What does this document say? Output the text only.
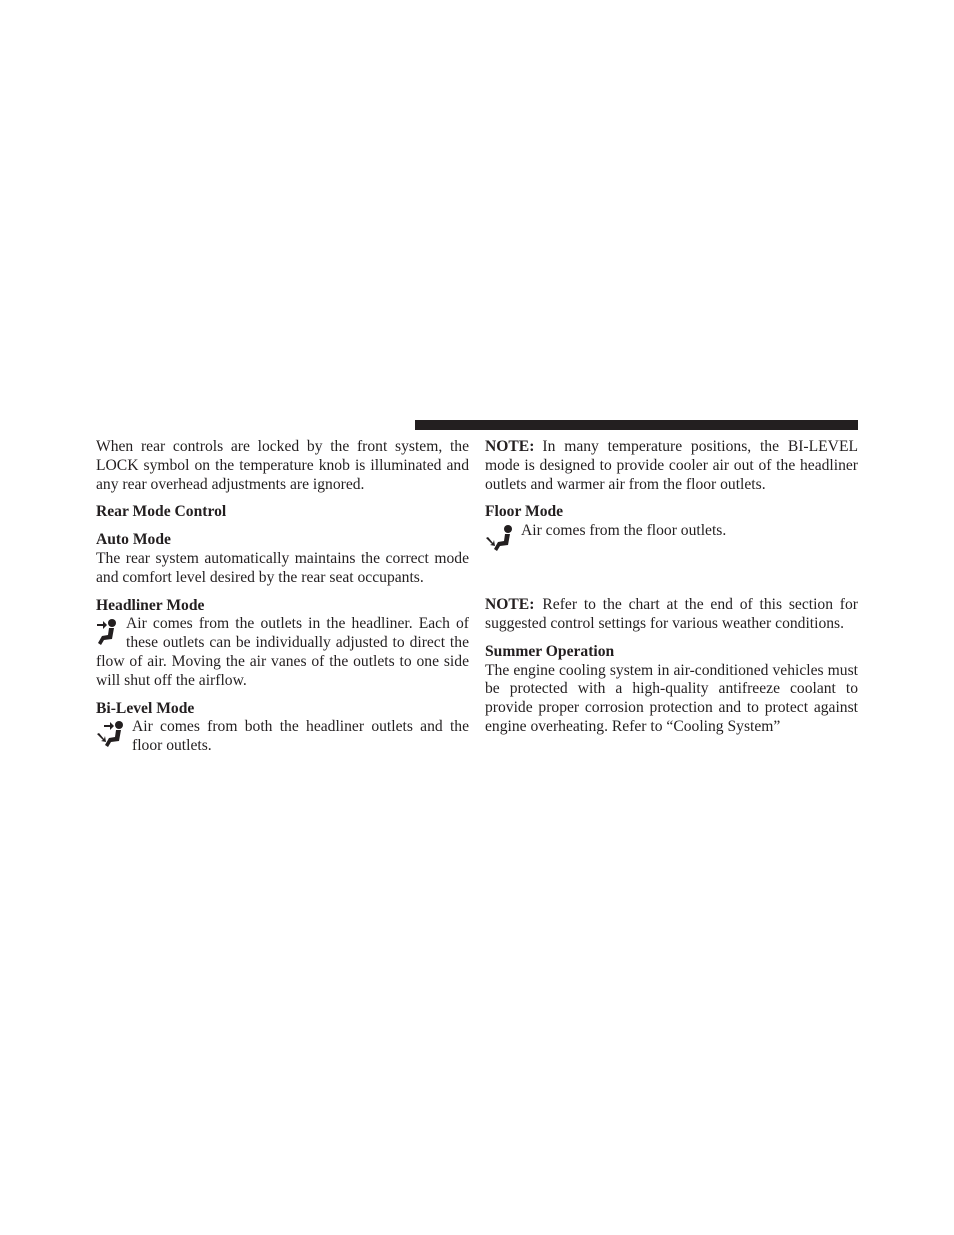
When rear controls are locked by the front system, the LOCK symbol on the temperature knob is illuminated and any rear overhead adjustments are ignored.

Rear Mode Control
Auto Mode

The rear system automatically maintains the correct mode and comfort level desired by the rear seat occupants.

Headliner Mode

Air comes from the outlets in the headliner. Each of these outlets can be individually adjusted to direct the flow of air. Moving the air vanes of the outlets to one side will shut off the airflow.

Bi-Level Mode

Air comes from both the headliner outlets and the floor outlets.

NOTE: In many temperature positions, the BI-LEVEL mode is designed to provide cooler air out of the headliner outlets and warmer air from the floor outlets.

Floor Mode

Air comes from the floor outlets.

NOTE: Refer to the chart at the end of this section for suggested control settings for various weather conditions.

Summer Operation

The engine cooling system in air-conditioned vehicles must be protected with a high-quality antifreeze coolant to provide proper corrosion protection and to protect against engine overheating. Refer to “Cooling System”
